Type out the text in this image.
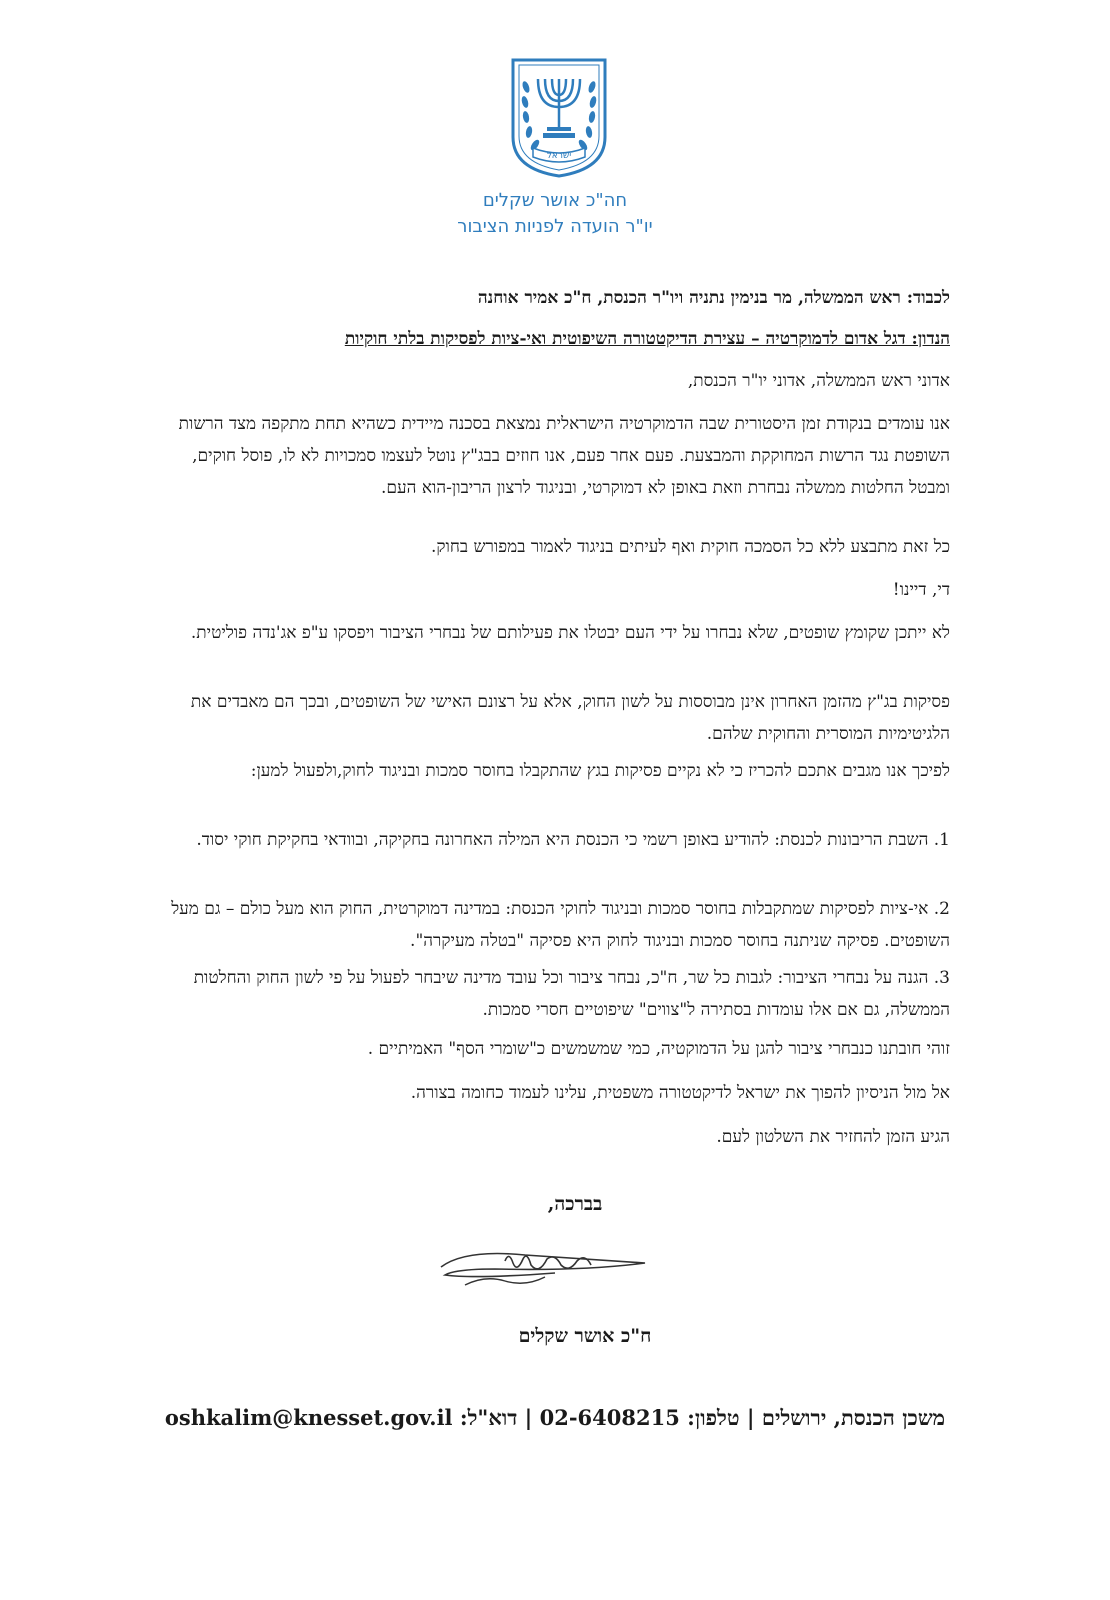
ישראל
חה"כ אושר שקלים
יו"ר הועדה לפניות הציבור
לכבוד: ראש הממשלה, מר בנימין נתניה ויו"ר הכנסת, ח"כ אמיר אוחנה
הנדון: דגל אדום לדמוקרטיה – עצירת הדיקטטורה השיפוטית ואי-ציות לפסיקות בלתי חוקיות
אדוני ראש הממשלה, אדוני יו"ר הכנסת,
אנו עומדים בנקודת זמן היסטורית שבה הדמוקרטיה הישראלית נמצאת בסכנה מיידית כשהיא תחת מתקפה מצד הרשות השופטת נגד הרשות המחוקקת והמבצעת. פעם אחר פעם, אנו חוזים בבג"ץ נוטל לעצמו סמכויות לא לו, פוסל חוקים, ומבטל החלטות ממשלה נבחרת וזאת באופן לא דמוקרטי, ובניגוד לרצון הריבון-הוא העם.
כל זאת מתבצע ללא כל הסמכה חוקית ואף לעיתים בניגוד לאמור במפורש בחוק.
די, דיינו!
לא ייתכן שקומץ שופטים, שלא נבחרו על ידי העם יבטלו את פעילותם של נבחרי הציבור ויפסקו ע"פ אג'נדה פוליטית.
פסיקות בג"ץ מהזמן האחרון אינן מבוססות על לשון החוק, אלא על רצונם האישי של השופטים, ובכך הם מאבדים את הלגיטימיות המוסרית והחוקית שלהם.
לפיכך אנו מגבים אתכם להכריז כי לא נקיים פסיקות בגץ שהתקבלו בחוסר סמכות ובניגוד לחוק,ולפעול למען:
1. השבת הריבונות לכנסת: להודיע באופן רשמי כי הכנסת היא המילה האחרונה בחקיקה, ובוודאי בחקיקת חוקי יסוד.
2. אי-ציות לפסיקות שמתקבלות בחוסר סמכות ובניגוד לחוקי הכנסת: במדינה דמוקרטית, החוק הוא מעל כולם – גם מעל השופטים. פסיקה שניתנה בחוסר סמכות ובניגוד לחוק היא פסיקה "בטלה מעיקרה".
3. הגנה על נבחרי הציבור: לגבות כל שר, ח"כ, נבחר ציבור וכל עובד מדינה שיבחר לפעול על פי לשון החוק והחלטות הממשלה, גם אם אלו עומדות בסתירה ל"צווים" שיפוטיים חסרי סמכות.
זוהי חובתנו כנבחרי ציבור להגן על הדמוקטיה, כמי שמשמשים כ"שומרי הסף" האמיתיים .
אל מול הניסיון להפוך את ישראל לדיקטטורה משפטית, עלינו לעמוד כחומה בצורה.
הגיע הזמן להחזיר את השלטון לעם.
בברכה,
ח"כ אושר שקלים
משכן הכנסת, ירושלים | טלפון: 02-6408215 | דוא"ל: oshkalim@knesset.gov.il
